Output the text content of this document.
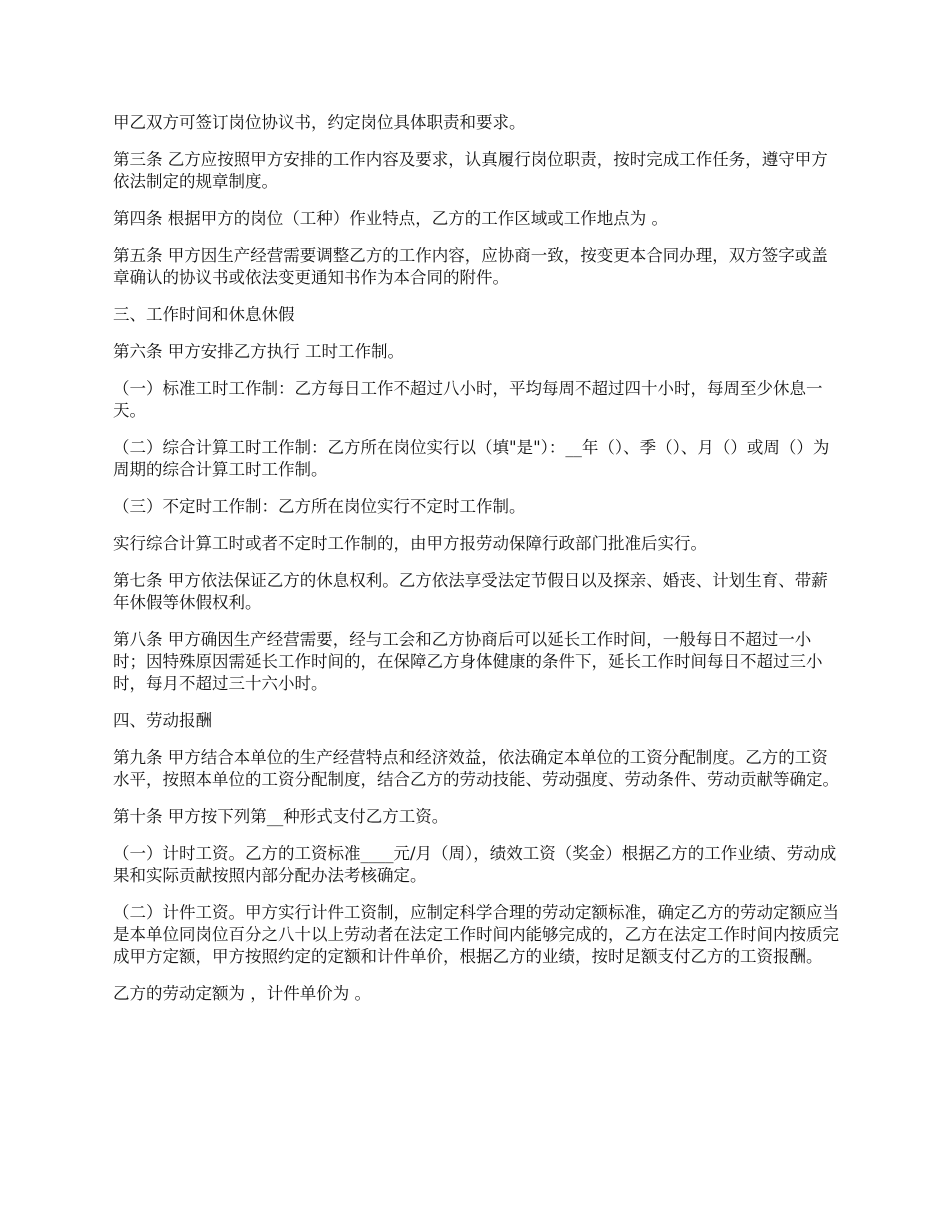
甲乙双方可签订岗位协议书，约定岗位具体职责和要求。

第三条 乙方应按照甲方安排的工作内容及要求，认真履行岗位职责，按时完成工作任务，遵守甲方依法制定的规章制度。

第四条 根据甲方的岗位（工种）作业特点，乙方的工作区域或工作地点为 。

第五条 甲方因生产经营需要调整乙方的工作内容，应协商一致，按变更本合同办理，双方签字或盖章确认的协议书或依法变更通知书作为本合同的附件。

三、工作时间和休息休假

第六条 甲方安排乙方执行 工时工作制。

（一）标准工时工作制：乙方每日工作不超过八小时，平均每周不超过四十小时，每周至少休息一天。

（二）综合计算工时工作制：乙方所在岗位实行以（填"是"）：__年（）、季（）、月（）或周（）为周期的综合计算工时工作制。

（三）不定时工作制：乙方所在岗位实行不定时工作制。

实行综合计算工时或者不定时工作制的，由甲方报劳动保障行政部门批准后实行。

第七条 甲方依法保证乙方的休息权利。乙方依法享受法定节假日以及探亲、婚丧、计划生育、带薪年休假等休假权利。

第八条 甲方确因生产经营需要，经与工会和乙方协商后可以延长工作时间，一般每日不超过一小时；因特殊原因需延长工作时间的，在保障乙方身体健康的条件下，延长工作时间每日不超过三小时，每月不超过三十六小时。

四、劳动报酬

第九条 甲方结合本单位的生产经营特点和经济效益，依法确定本单位的工资分配制度。乙方的工资水平，按照本单位的工资分配制度，结合乙方的劳动技能、劳动强度、劳动条件、劳动贡献等确定。

第十条 甲方按下列第__种形式支付乙方工资。

（一）计时工资。乙方的工资标准____元/月（周），绩效工资（奖金）根据乙方的工作业绩、劳动成果和实际贡献按照内部分配办法考核确定。

（二）计件工资。甲方实行计件工资制，应制定科学合理的劳动定额标准，确定乙方的劳动定额应当是本单位同岗位百分之八十以上劳动者在法定工作时间内能够完成的，乙方在法定工作时间内按质完成甲方定额，甲方按照约定的定额和计件单价，根据乙方的业绩，按时足额支付乙方的工资报酬。

乙方的劳动定额为 ，计件单价为 。
